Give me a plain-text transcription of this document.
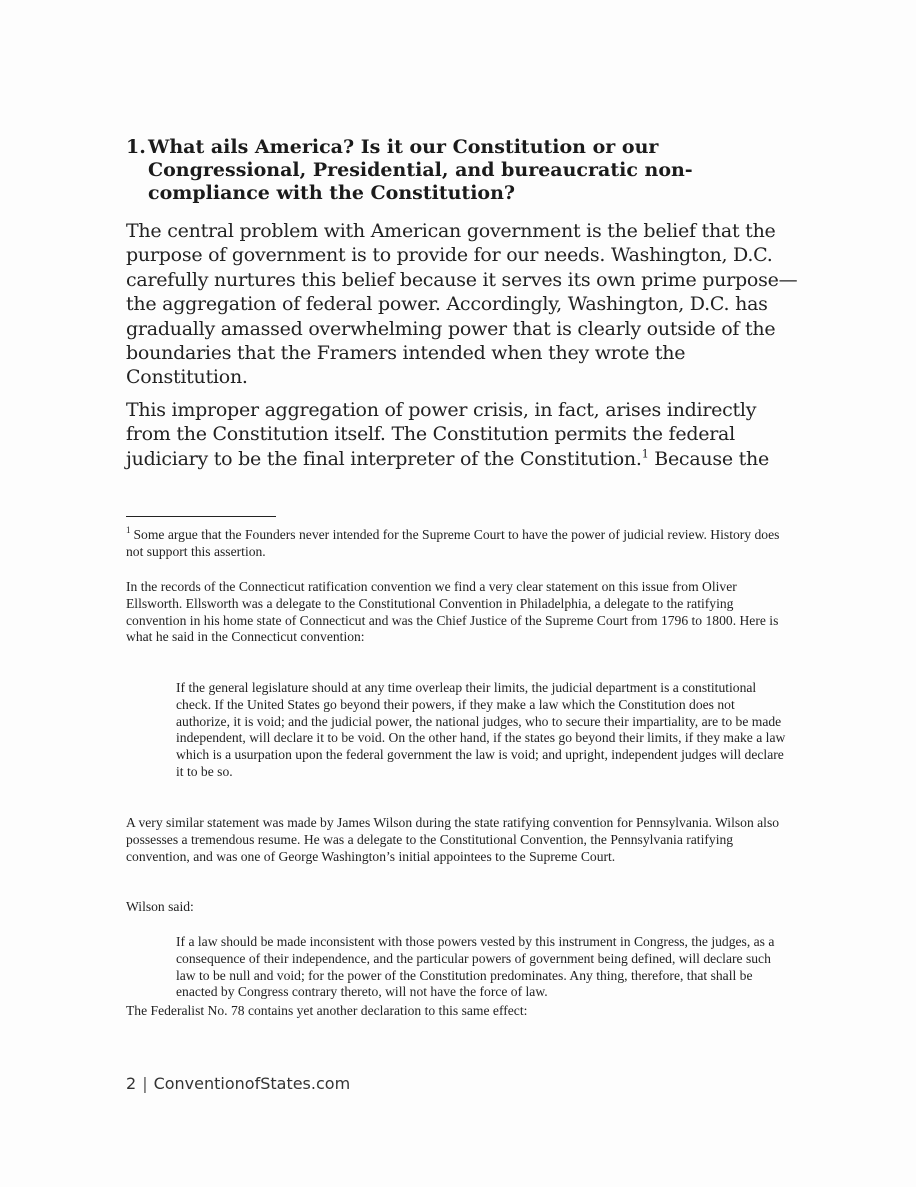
1. What ails America? Is it our Constitution or our Congressional, Presidential, and bureaucratic non-compliance with the Constitution?

The central problem with American government is the belief that the purpose of government is to provide for our needs. Washington, D.C. carefully nurtures this belief because it serves its own prime purpose—the aggregation of federal power. Accordingly, Washington, D.C. has gradually amassed overwhelming power that is clearly outside of the boundaries that the Framers intended when they wrote the Constitution.

This improper aggregation of power crisis, in fact, arises indirectly from the Constitution itself. The Constitution permits the federal judiciary to be the final interpreter of the Constitution.$^1$ Because the

$^1$ Some argue that the Founders never intended for the Supreme Court to have the power of judicial review. History does not support this assertion.

In the records of the Connecticut ratification convention we find a very clear statement on this issue from Oliver Ellsworth. Ellsworth was a delegate to the Constitutional Convention in Philadelphia, a delegate to the ratifying convention in his home state of Connecticut and was the Chief Justice of the Supreme Court from 1796 to 1800. Here is what he said in the Connecticut convention:

If the general legislature should at any time overleap their limits, the judicial department is a constitutional check. If the United States go beyond their powers, if they make a law which the Constitution does not authorize, it is void; and the judicial power, the national judges, who to secure their impartiality, are to be made independent, will declare it to be void. On the other hand, if the states go beyond their limits, if they make a law which is a usurpation upon the federal government the law is void; and upright, independent judges will declare it to be so.

A very similar statement was made by James Wilson during the state ratifying convention for Pennsylvania. Wilson also possesses a tremendous resume. He was a delegate to the Constitutional Convention, the Pennsylvania ratifying convention, and was one of George Washington’s initial appointees to the Supreme Court.

Wilson said:

If a law should be made inconsistent with those powers vested by this instrument in Congress, the judges, as a consequence of their independence, and the particular powers of government being defined, will declare such law to be null and void; for the power of the Constitution predominates. Any thing, therefore, that shall be enacted by Congress contrary thereto, will not have the force of law.

The Federalist No. 78 contains yet another declaration to this same effect:

2 | ConventionofStates.com
